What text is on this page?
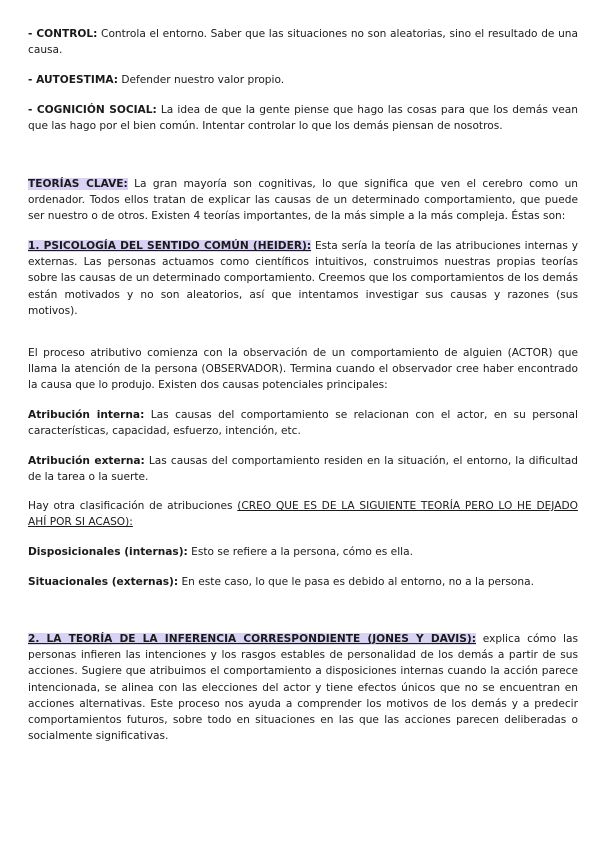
- CONTROL: Controla el entorno. Saber que las situaciones no son aleatorias, sino el resultado de una causa.

- AUTOESTIMA: Defender nuestro valor propio.

- COGNICIÓN SOCIAL: La idea de que la gente piense que hago las cosas para que los demás vean que las hago por el bien común. Intentar controlar lo que los demás piensan de nosotros.

TEORÍAS CLAVE: La gran mayoría son cognitivas, lo que significa que ven el cerebro como un ordenador. Todos ellos tratan de explicar las causas de un determinado comportamiento, que puede ser nuestro o de otros. Existen 4 teorías importantes, de la más simple a la más compleja. Éstas son:

1. PSICOLOGÍA DEL SENTIDO COMÚN (HEIDER): Esta sería la teoría de las atribuciones internas y externas. Las personas actuamos como científicos intuitivos, construimos nuestras propias teorías sobre las causas de un determinado comportamiento. Creemos que los comportamientos de los demás están motivados y no son aleatorios, así que intentamos investigar sus causas y razones (sus motivos).

El proceso atributivo comienza con la observación de un comportamiento de alguien (ACTOR) que llama la atención de la persona (OBSERVADOR). Termina cuando el observador cree haber encontrado la causa que lo produjo. Existen dos causas potenciales principales:

Atribución interna: Las causas del comportamiento se relacionan con el actor, en su personal características, capacidad, esfuerzo, intención, etc.

Atribución externa: Las causas del comportamiento residen en la situación, el entorno, la dificultad de la tarea o la suerte.

Hay otra clasificación de atribuciones (CREO QUE ES DE LA SIGUIENTE TEORÍA PERO LO HE DEJADO AHÍ POR SI ACASO):

Disposicionales (internas): Esto se refiere a la persona, cómo es ella.

Situacionales (externas): En este caso, lo que le pasa es debido al entorno, no a la persona.

2. LA TEORÍA DE LA INFERENCIA CORRESPONDIENTE (JONES Y DAVIS): explica cómo las personas infieren las intenciones y los rasgos estables de personalidad de los demás a partir de sus acciones. Sugiere que atribuimos el comportamiento a disposiciones internas cuando la acción parece intencionada, se alinea con las elecciones del actor y tiene efectos únicos que no se encuentran en acciones alternativas. Este proceso nos ayuda a comprender los motivos de los demás y a predecir comportamientos futuros, sobre todo en situaciones en las que las acciones parecen deliberadas o socialmente significativas.
